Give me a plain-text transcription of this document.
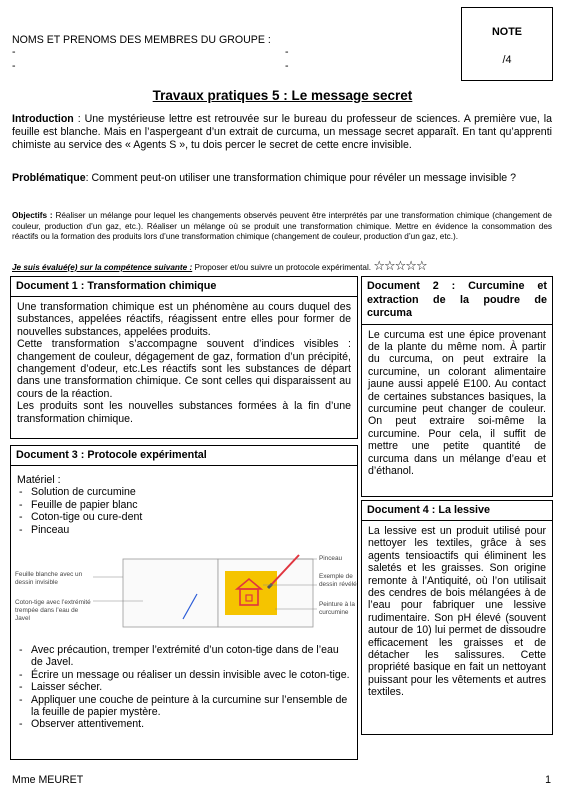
NOMS ET PRENOMS DES MEMBRES DU GROUPE :
-	-
-	-
NOTE
/4
Travaux pratiques 5 : Le message secret
Introduction : Une mystérieuse lettre est retrouvée sur le bureau du professeur de sciences. A première vue, la feuille est blanche. Mais en l’aspergeant d’un extrait de curcuma, un message secret apparaît. En tant qu’apprenti chimiste au service des « Agents S », tu dois percer le secret de cette encre invisible.
Problématique: Comment peut-on utiliser une transformation chimique pour révéler un message invisible ?
Objectifs : Réaliser un mélange pour lequel les changements observés peuvent être interprétés par une transformation chimique (changement de couleur, production d’un gaz, etc.). Réaliser un mélange où se produit une transformation chimique. Mettre en évidence la consommation des réactifs ou la formation des produits lors d’une transformation chimique (changement de couleur, production d’un gaz, etc.).
Je suis évalué(e) sur la compétence suivante : Proposer et/ou suivre un protocole expérimental. ☆☆☆☆☆
Document 1 : Transformation chimique
Une transformation chimique est un phénomène au cours duquel des substances, appelées réactifs, réagissent entre elles pour former de nouvelles substances, appelées produits.
Cette transformation s’accompagne souvent d’indices visibles : changement de couleur, dégagement de gaz, formation d’un précipité, changement d’odeur, etc.Les réactifs sont les substances de départ dans une transformation chimique. Ce sont celles qui disparaissent au cours de la réaction.
Les produits sont les nouvelles substances formées à la fin d’une transformation chimique.
Document 2 : Curcumine et extraction de la poudre de curcuma
Le curcuma est une épice provenant de la plante du même nom. À partir du curcuma, on peut extraire la curcumine, un colorant alimentaire jaune aussi appelé E100. Au contact de certaines substances basiques, la curcumine peut changer de couleur. On peut extraire soi-même la curcumine. Pour cela, il suffit de mettre une petite quantité de curcuma dans un mélange d’eau et d’éthanol.
Document 3 : Protocole expérimental
Matériel :
- Solution de curcumine
- Feuille de papier blanc
- Coton-tige ou cure-dent
- Pinceau
Feuille blanche avec un dessin invisible
Coton-tige avec l’extrémité trempée dans l’eau de Javel
Pinceau
Exemple de dessin révélé
Peinture à la curcumine
- Avec précaution, tremper l’extrémité d’un coton-tige dans de l’eau de Javel.
- Écrire un message ou réaliser un dessin invisible avec le coton-tige.
- Laisser sécher.
- Appliquer une couche de peinture à la curcumine sur l’ensemble de la feuille de papier mystère.
- Observer attentivement.
Document 4 : La lessive
La lessive est un produit utilisé pour nettoyer les textiles, grâce à ses agents tensioactifs qui éliminent les saletés et les graisses. Son origine remonte à l’Antiquité, où l’on utilisait des cendres de bois mélangées à de l’eau pour fabriquer une lessive rudimentaire. Son pH élevé (souvent autour de 10) lui permet de dissoudre efficacement les graisses et de détacher les salissures. Cette propriété basique en fait un nettoyant puissant pour les vêtements et autres textiles.
Mme MEURET	1
